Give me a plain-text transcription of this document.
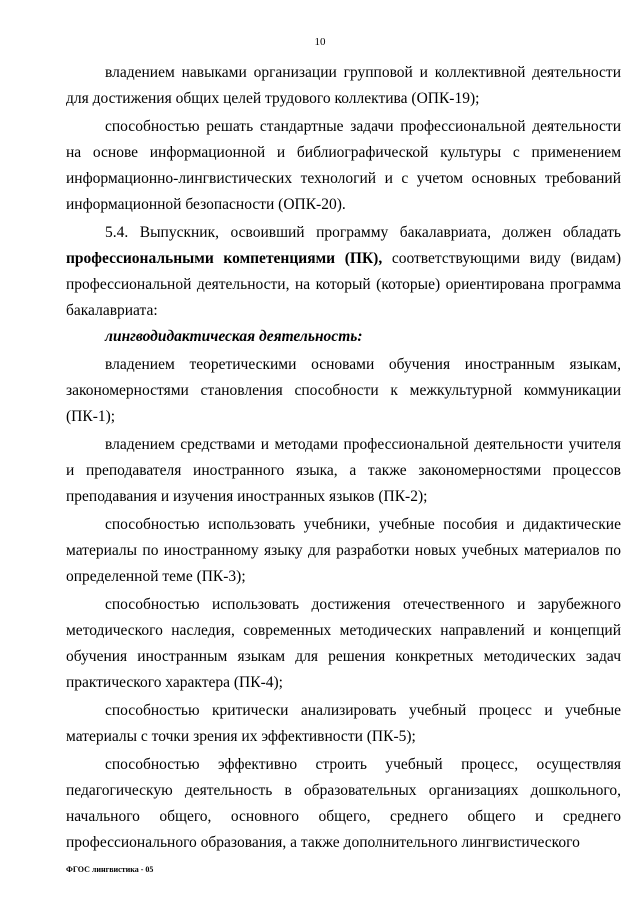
10

владением навыками организации групповой и коллективной деятельности для достижения общих целей трудового коллектива (ОПК-19);

способностью решать стандартные задачи профессиональной деятельности на основе информационной и библиографической культуры с применением информационно-лингвистических технологий и с учетом основных требований информационной безопасности (ОПК-20).

5.4. Выпускник, освоивший программу бакалавриата, должен обладать профессиональными компетенциями (ПК), соответствующими виду (видам) профессиональной деятельности, на который (которые) ориентирована программа бакалавриата:

лингводидактическая деятельность:

владением теоретическими основами обучения иностранным языкам, закономерностями становления способности к межкультурной коммуникации (ПК-1);

владением средствами и методами профессиональной деятельности учителя и преподавателя иностранного языка, а также закономерностями процессов преподавания и изучения иностранных языков (ПК-2);

способностью использовать учебники, учебные пособия и дидактические материалы по иностранному языку для разработки новых учебных материалов по определенной теме (ПК-3);

способностью использовать достижения отечественного и зарубежного методического наследия, современных методических направлений и концепций обучения иностранным языкам для решения конкретных методических задач практического характера (ПК-4);

способностью критически анализировать учебный процесс и учебные материалы с точки зрения их эффективности (ПК-5);

способностью эффективно строить учебный процесс, осуществляя педагогическую деятельность в образовательных организациях дошкольного, начального общего, основного общего, среднего общего и среднего профессионального образования, а также дополнительного лингвистического

ФГОС лингвистика - 05
